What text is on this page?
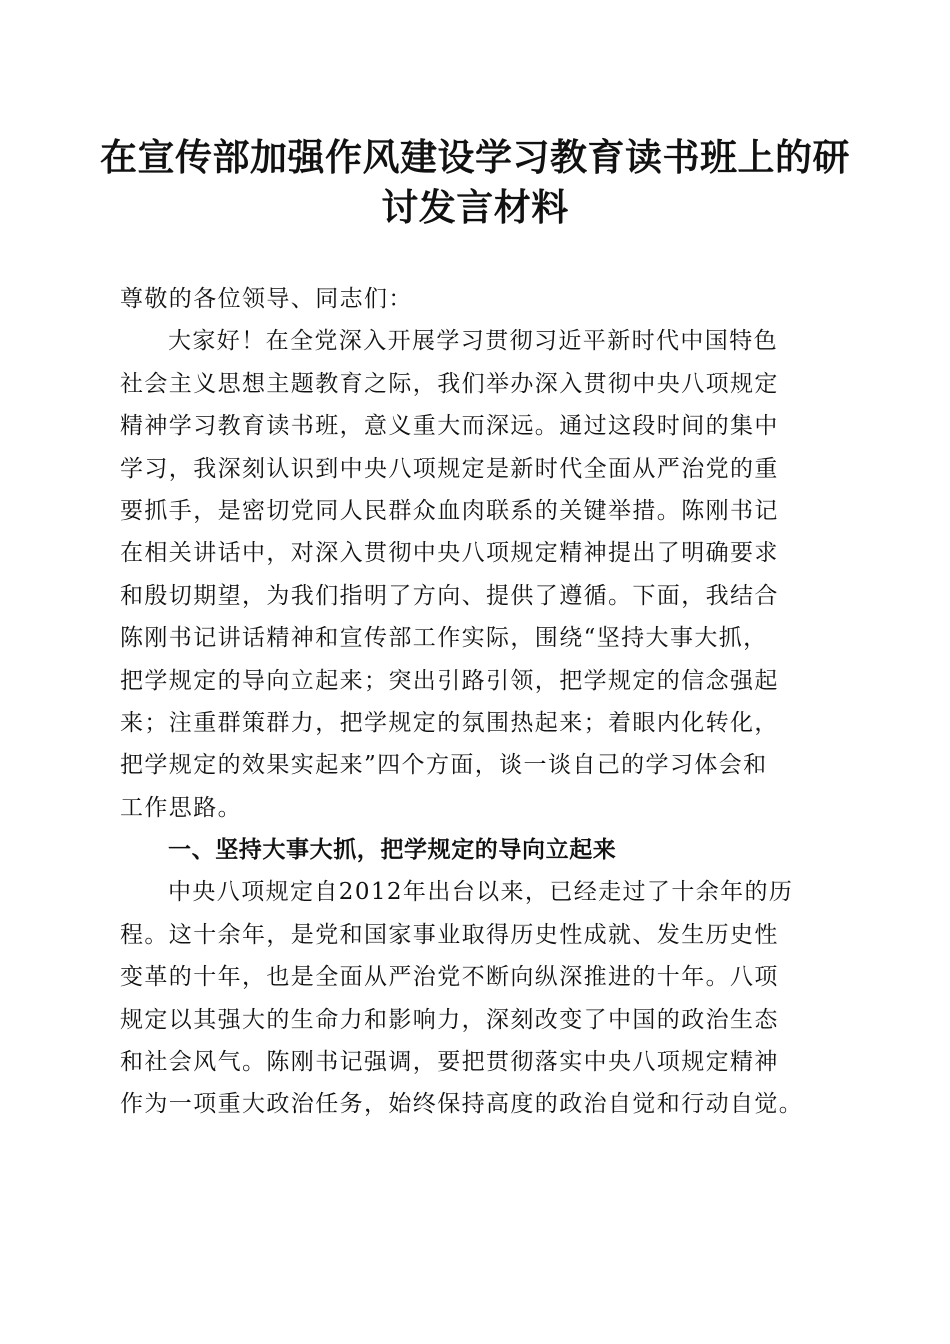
在宣传部加强作风建设学习教育读书班上的研
讨发言材料
尊敬的各位领导、同志们：
大家好！在全党深入开展学习贯彻习近平新时代中国特色
社会主义思想主题教育之际，我们举办深入贯彻中央八项规定
精神学习教育读书班，意义重大而深远。通过这段时间的集中
学习，我深刻认识到中央八项规定是新时代全面从严治党的重
要抓手，是密切党同人民群众血肉联系的关键举措。陈刚书记
在相关讲话中，对深入贯彻中央八项规定精神提出了明确要求
和殷切期望，为我们指明了方向、提供了遵循。下面，我结合
陈刚书记讲话精神和宣传部工作实际，围绕“坚持大事大抓，
把学规定的导向立起来；突出引路引领，把学规定的信念强起
来；注重群策群力，把学规定的氛围热起来；着眼内化转化，
把学规定的效果实起来”四个方面，谈一谈自己的学习体会和
工作思路。
一、坚持大事大抓，把学规定的导向立起来
中央八项规定自2012年出台以来，已经走过了十余年的历
程。这十余年，是党和国家事业取得历史性成就、发生历史性
变革的十年，也是全面从严治党不断向纵深推进的十年。八项
规定以其强大的生命力和影响力，深刻改变了中国的政治生态
和社会风气。陈刚书记强调，要把贯彻落实中央八项规定精神
作为一项重大政治任务，始终保持高度的政治自觉和行动自觉。
